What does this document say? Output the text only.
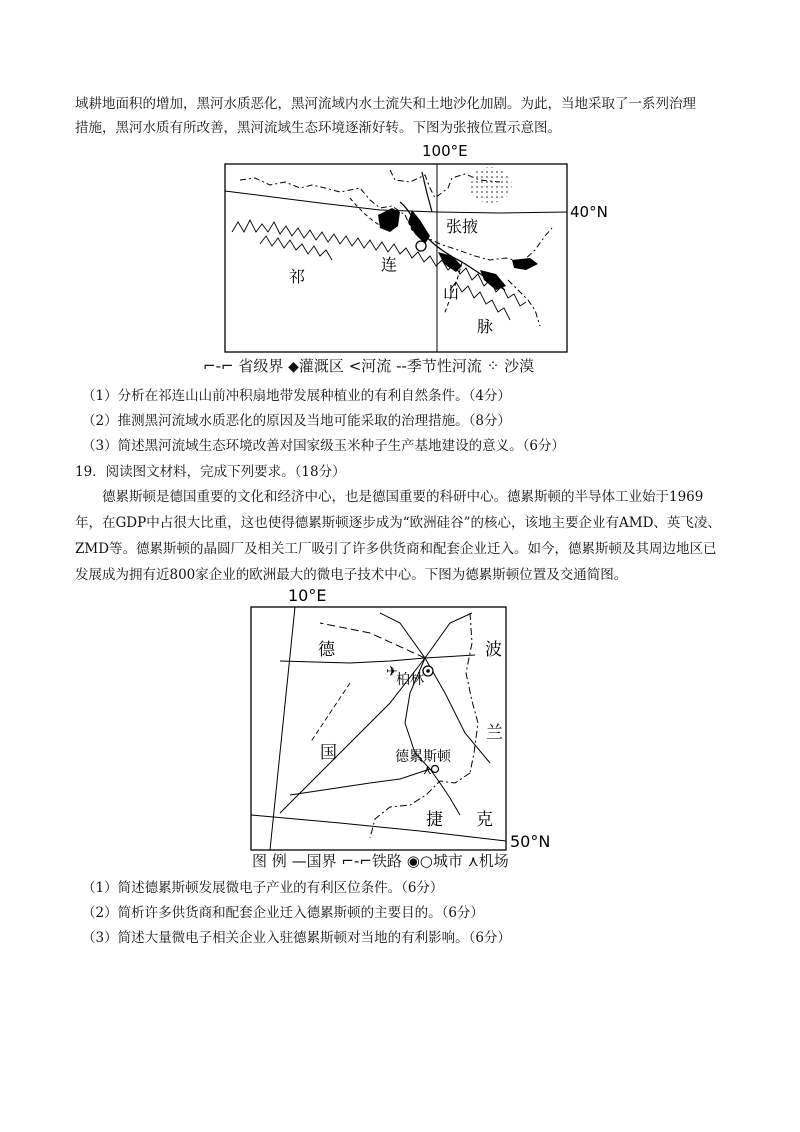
域耕地面积的增加，黑河水质恶化，黑河流域内水土流失和土地沙化加剧。为此，当地采取了一系列治理
措施，黑河水质有所改善，黑河流域生态环境逐渐好转。下图为张掖位置示意图。
100°E
40°N
张掖
祁
连
山
脉
⌐-⌐ 省级界 ◆灌溉区 <河流 --季节性河流 ⁘ 沙漠
（1）分析在祁连山山前冲积扇地带发展种植业的有利自然条件。（4分）
（2）推测黑河流域水质恶化的原因及当地可能采取的治理措施。（8分）
（3）简述黑河流域生态环境改善对国家级玉米种子生产基地建设的意义。（6分）
19．阅读图文材料，完成下列要求。（18分）
德累斯顿是德国重要的文化和经济中心，也是德国重要的科研中心。德累斯顿的半导体工业始于1969年，在GDP中占很大比重，这也使得德累斯顿逐步成为“欧洲硅谷”的核心，该地主要企业有AMD、英飞凌、ZMD等。德累斯顿的晶圆厂及相关工厂吸引了许多供货商和配套企业迁入。如今，德累斯顿及其周边地区已发展成为拥有近800家企业的欧洲最大的微电子技术中心。下图为德累斯顿位置及交通简图。
10°E
50°N
✈
柏林
⋏
德累斯顿
德
国
波
兰
捷 克
图 例 —国界 ⌐-⌐铁路 ◉○城市 ⋏机场
（1）简述德累斯顿发展微电子产业的有利区位条件。（6分）
（2）简析许多供货商和配套企业迁入德累斯顿的主要目的。（6分）
（3）简述大量微电子相关企业入驻德累斯顿对当地的有利影响。（6分）
